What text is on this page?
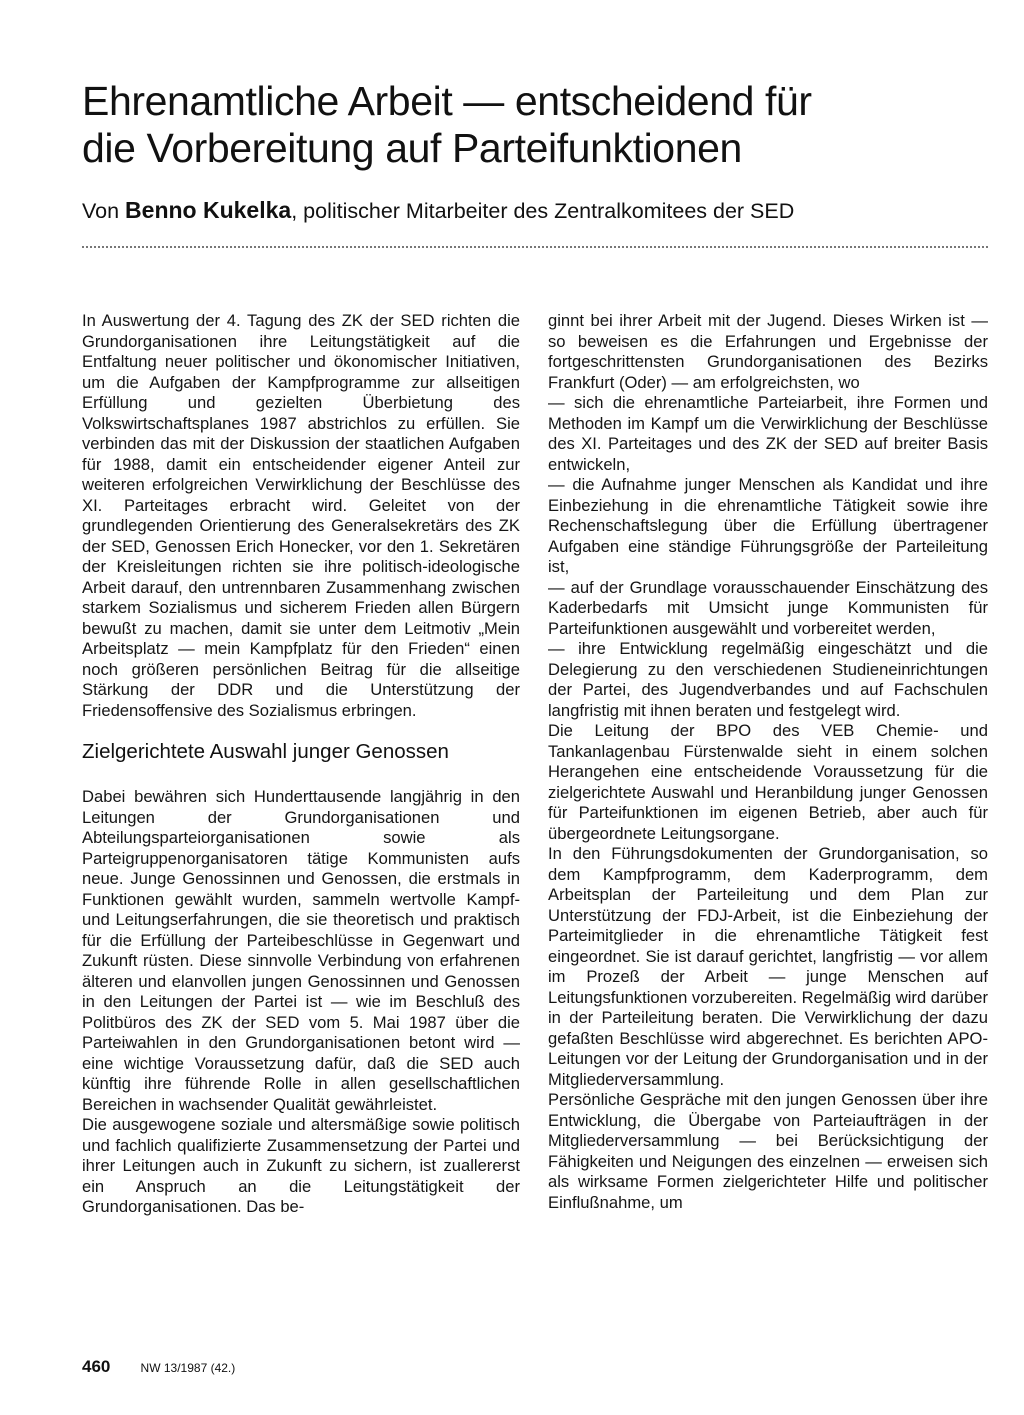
Ehrenamtliche Arbeit — entscheidend für
die Vorbereitung auf Parteifunktionen
Von Benno Kukelka, politischer Mitarbeiter des Zentralkomitees der SED

In Auswertung der 4. Tagung des ZK der SED richten die Grundorganisationen ihre Leitungstätigkeit auf die Entfaltung neuer politischer und ökonomischer Initiativen, um die Aufgaben der Kampfprogramme zur allseitigen Erfüllung und gezielten Überbietung des Volkswirtschaftsplanes 1987 abstrichlos zu erfüllen. Sie verbinden das mit der Diskussion der staatlichen Aufgaben für 1988, damit ein entscheidender eigener Anteil zur weiteren erfolgreichen Verwirklichung der Beschlüsse des XI. Parteitages erbracht wird. Geleitet von der grundlegenden Orientierung des Generalsekretärs des ZK der SED, Genossen Erich Honecker, vor den 1. Sekretären der Kreisleitungen richten sie ihre politisch-ideologische Arbeit darauf, den untrennbaren Zusammenhang zwischen starkem Sozialismus und sicherem Frieden allen Bürgern bewußt zu machen, damit sie unter dem Leitmotiv „Mein Arbeitsplatz — mein Kampfplatz für den Frieden“ einen noch größeren persönlichen Beitrag für die allseitige Stärkung der DDR und die Unterstützung der Friedensoffensive des Sozialismus erbringen.

Zielgerichtete Auswahl junger Genossen

Dabei bewähren sich Hunderttausende langjährig in den Leitungen der Grundorganisationen und Abteilungsparteiorganisationen sowie als Parteigruppenorganisatoren tätige Kommunisten aufs neue. Junge Genossinnen und Genossen, die erstmals in Funktionen gewählt wurden, sammeln wertvolle Kampf- und Leitungserfahrungen, die sie theoretisch und praktisch für die Erfüllung der Parteibeschlüsse in Gegenwart und Zukunft rüsten. Diese sinnvolle Verbindung von erfahrenen älteren und elanvollen jungen Genossinnen und Genossen in den Leitungen der Partei ist — wie im Beschluß des Politbüros des ZK der SED vom 5. Mai 1987 über die Parteiwahlen in den Grundorganisationen betont wird — eine wichtige Voraussetzung dafür, daß die SED auch künftig ihre führende Rolle in allen gesellschaftlichen Bereichen in wachsender Qualität gewährleistet.

Die ausgewogene soziale und altersmäßige sowie politisch und fachlich qualifizierte Zusammensetzung der Partei und ihrer Leitungen auch in Zukunft zu sichern, ist zuallererst ein Anspruch an die Leitungstätigkeit der Grundorganisationen. Das be-

ginnt bei ihrer Arbeit mit der Jugend. Dieses Wirken ist — so beweisen es die Erfahrungen und Ergebnisse der fortgeschrittensten Grundorganisationen des Bezirks Frankfurt (Oder) — am erfolgreichsten, wo

— sich die ehrenamtliche Parteiarbeit, ihre Formen und Methoden im Kampf um die Verwirklichung der Beschlüsse des XI. Parteitages und des ZK der SED auf breiter Basis entwickeln,

— die Aufnahme junger Menschen als Kandidat und ihre Einbeziehung in die ehrenamtliche Tätigkeit sowie ihre Rechenschaftslegung über die Erfüllung übertragener Aufgaben eine ständige Führungsgröße der Parteileitung ist,

— auf der Grundlage vorausschauender Einschätzung des Kaderbedarfs mit Umsicht junge Kommunisten für Parteifunktionen ausgewählt und vorbereitet werden,

— ihre Entwicklung regelmäßig eingeschätzt und die Delegierung zu den verschiedenen Studieneinrichtungen der Partei, des Jugendverbandes und auf Fachschulen langfristig mit ihnen beraten und festgelegt wird.

Die Leitung der BPO des VEB Chemie- und Tankanlagenbau Fürstenwalde sieht in einem solchen Herangehen eine entscheidende Voraussetzung für die zielgerichtete Auswahl und Heranbildung junger Genossen für Parteifunktionen im eigenen Betrieb, aber auch für übergeordnete Leitungsorgane.

In den Führungsdokumenten der Grundorganisation, so dem Kampfprogramm, dem Kaderprogramm, dem Arbeitsplan der Parteileitung und dem Plan zur Unterstützung der FDJ-Arbeit, ist die Einbeziehung der Parteimitglieder in die ehrenamtliche Tätigkeit fest eingeordnet. Sie ist darauf gerichtet, langfristig — vor allem im Prozeß der Arbeit — junge Menschen auf Leitungsfunktionen vorzubereiten. Regelmäßig wird darüber in der Parteileitung beraten. Die Verwirklichung der dazu gefaßten Beschlüsse wird abgerechnet. Es berichten APO-Leitungen vor der Leitung der Grundorganisation und in der Mitgliederversammlung.

Persönliche Gespräche mit den jungen Genossen über ihre Entwicklung, die Übergabe von Parteiaufträgen in der Mitgliederversammlung — bei Berücksichtigung der Fähigkeiten und Neigungen des einzelnen — erweisen sich als wirksame Formen zielgerichteter Hilfe und politischer Einflußnahme, um

460	NW 13/1987 (42.)
